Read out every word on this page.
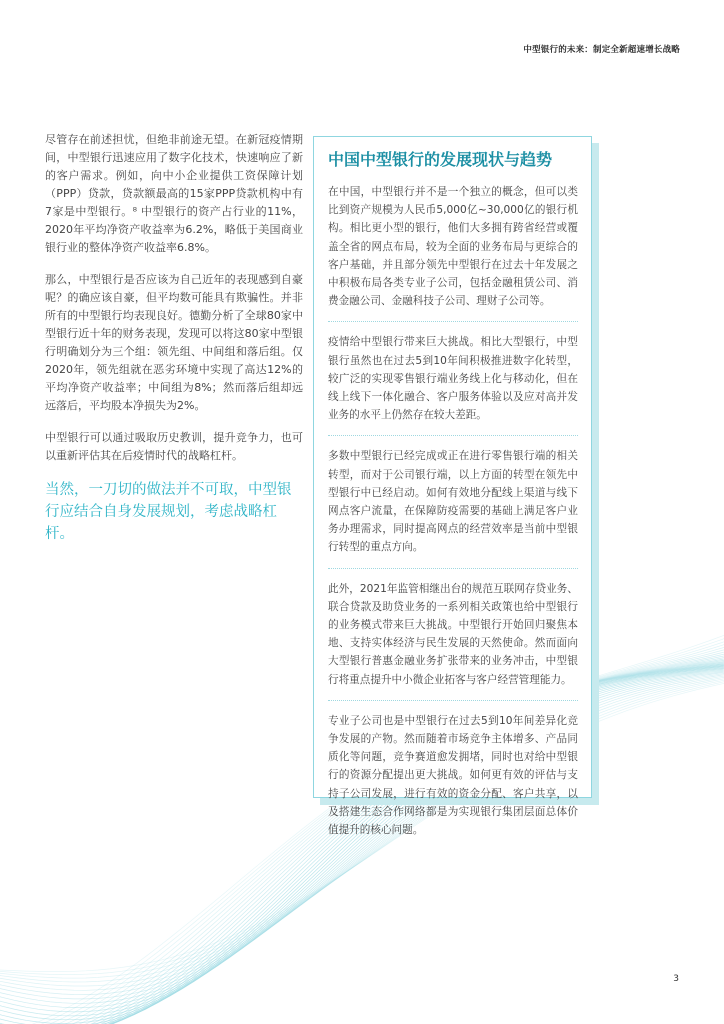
中型银行的未来：制定全新超速增长战略

尽管存在前述担忧，但绝非前途无望。在新冠疫情期间，中型银行迅速应用了数字化技术，快速响应了新的客户需求。例如，向中小企业提供工资保障计划（PPP）贷款，贷款额最高的15家PPP贷款机构中有7家是中型银行。⁸ 中型银行的资产占行业的11%，2020年平均净资产收益率为6.2%，略低于美国商业银行业的整体净资产收益率6.8%。

那么，中型银行是否应该为自己近年的表现感到自豪呢？的确应该自豪，但平均数可能具有欺骗性。并非所有的中型银行均表现良好。德勤分析了全球80家中型银行近十年的财务表现，发现可以将这80家中型银行明确划分为三个组：领先组、中间组和落后组。仅2020年，领先组就在恶劣环境中实现了高达12%的平均净资产收益率；中间组为8%；然而落后组却远远落后，平均股本净损失为2%。

中型银行可以通过吸取历史教训，提升竞争力，也可以重新评估其在后疫情时代的战略杠杆。

当然，一刀切的做法并不可取，中型银行应结合自身发展规划，考虑战略杠杆。

中国中型银行的发展现状与趋势

在中国，中型银行并不是一个独立的概念，但可以类比到资产规模为人民币5,000亿~30,000亿的银行机构。相比更小型的银行，他们大多拥有跨省经营或覆盖全省的网点布局，较为全面的业务布局与更综合的客户基础，并且部分领先中型银行在过去十年发展之中积极布局各类专业子公司，包括金融租赁公司、消费金融公司、金融科技子公司、理财子公司等。

疫情给中型银行带来巨大挑战。相比大型银行，中型银行虽然也在过去5到10年间积极推进数字化转型，较广泛的实现零售银行端业务线上化与移动化，但在线上线下一体化融合、客户服务体验以及应对高并发业务的水平上仍然存在较大差距。

多数中型银行已经完成或正在进行零售银行端的相关转型，而对于公司银行端，以上方面的转型在领先中型银行中已经启动。如何有效地分配线上渠道与线下网点客户流量，在保障防疫需要的基础上满足客户业务办理需求，同时提高网点的经营效率是当前中型银行转型的重点方向。

此外，2021年监管相继出台的规范互联网存贷业务、联合贷款及助贷业务的一系列相关政策也给中型银行的业务模式带来巨大挑战。中型银行开始回归聚焦本地、支持实体经济与民生发展的天然使命。然而面向大型银行普惠金融业务扩张带来的业务冲击，中型银行将重点提升中小微企业拓客与客户经营管理能力。

专业子公司也是中型银行在过去5到10年间差异化竞争发展的产物。然而随着市场竞争主体增多、产品同质化等问题，竞争赛道愈发拥堵，同时也对给中型银行的资源分配提出更大挑战。如何更有效的评估与支持子公司发展，进行有效的资金分配、客户共享，以及搭建生态合作网络都是为实现银行集团层面总体价值提升的核心问题。

3
